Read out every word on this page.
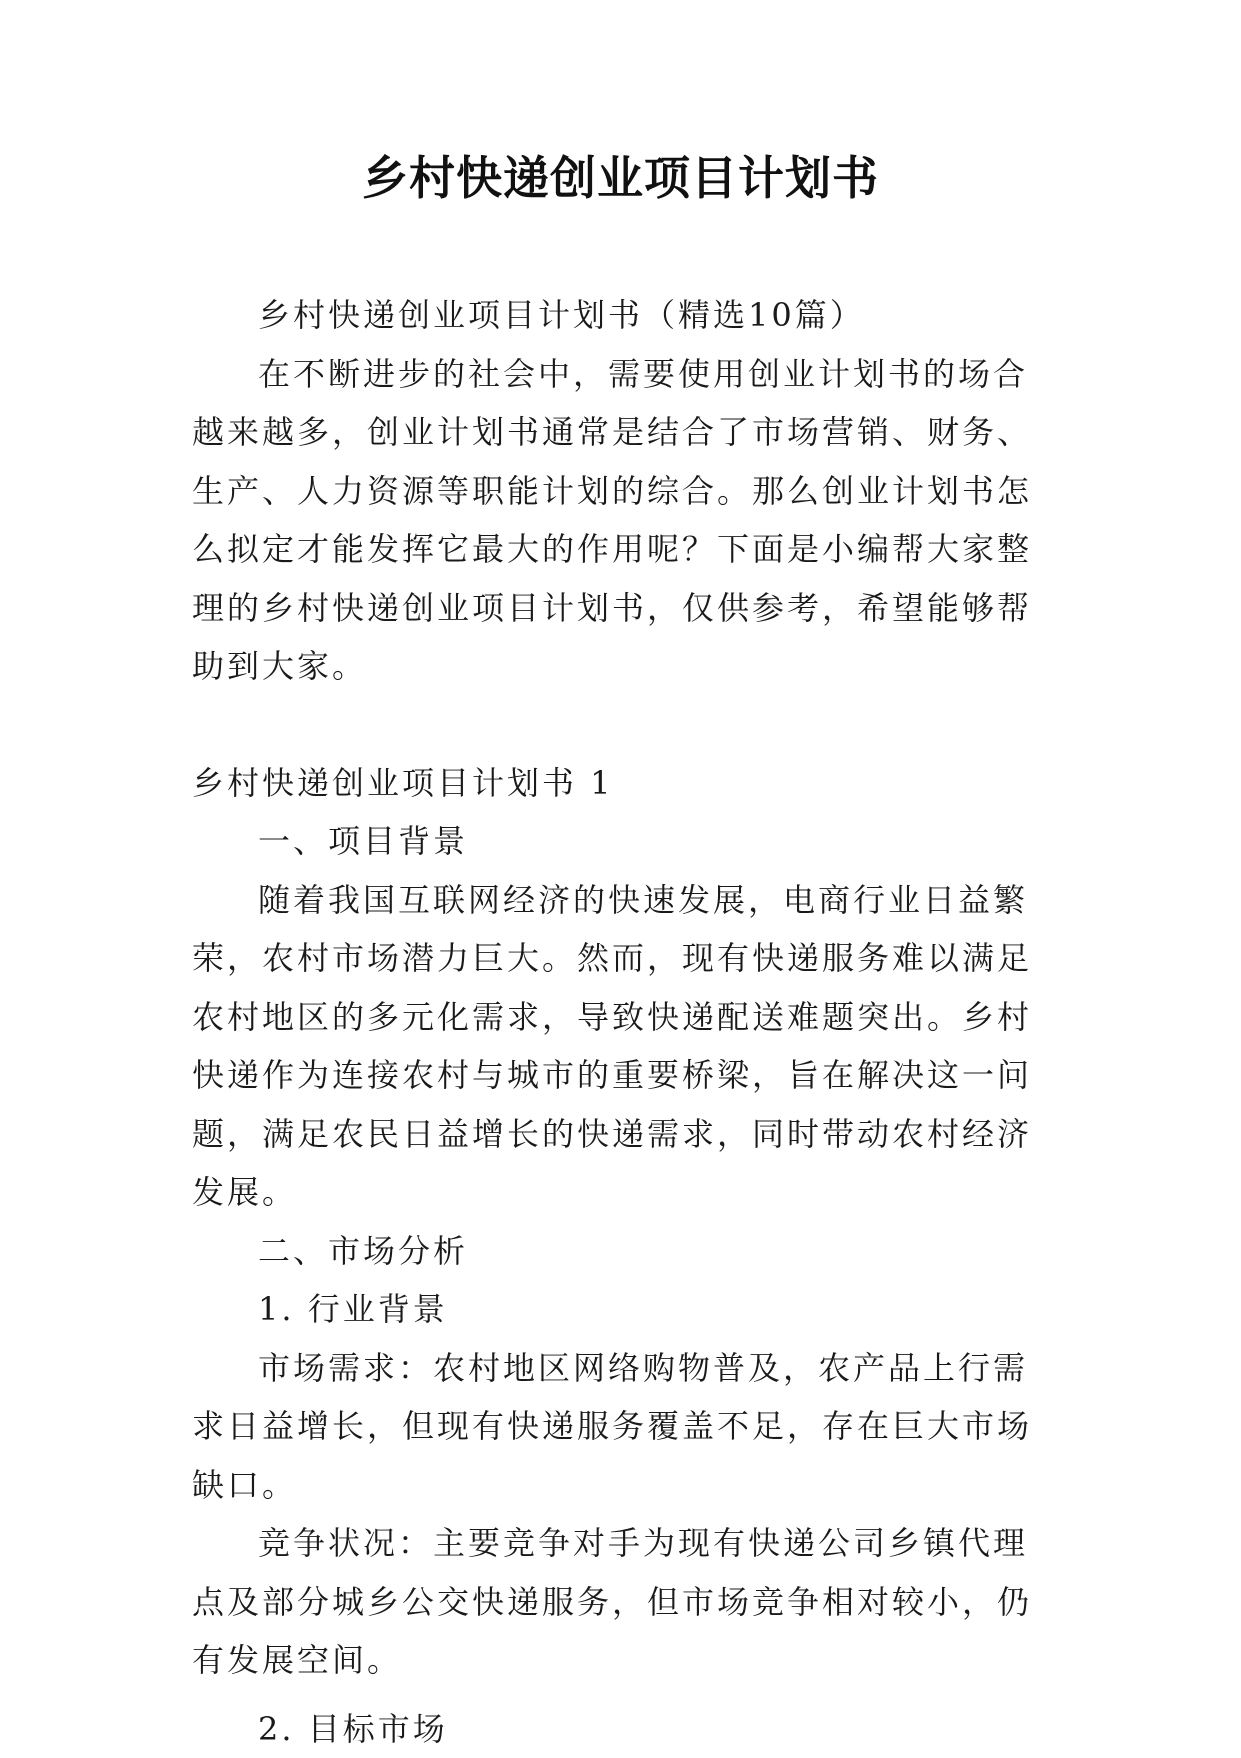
乡村快递创业项目计划书

乡村快递创业项目计划书（精选10篇）

在不断进步的社会中，需要使用创业计划书的场合越来越多，创业计划书通常是结合了市场营销、财务、生产、人力资源等职能计划的综合。那么创业计划书怎么拟定才能发挥它最大的作用呢？下面是小编帮大家整理的乡村快递创业项目计划书，仅供参考，希望能够帮助到大家。

乡村快递创业项目计划书 1

一、项目背景

随着我国互联网经济的快速发展，电商行业日益繁荣，农村市场潜力巨大。然而，现有快递服务难以满足农村地区的多元化需求，导致快递配送难题突出。乡村快递作为连接农村与城市的重要桥梁，旨在解决这一问题，满足农民日益增长的快递需求，同时带动农村经济发展。

二、市场分析

1. 行业背景

市场需求：农村地区网络购物普及，农产品上行需求日益增长，但现有快递服务覆盖不足，存在巨大市场缺口。

竞争状况：主要竞争对手为现有快递公司乡镇代理点及部分城乡公交快递服务，但市场竞争相对较小，仍有发展空间。

2. 目标市场
